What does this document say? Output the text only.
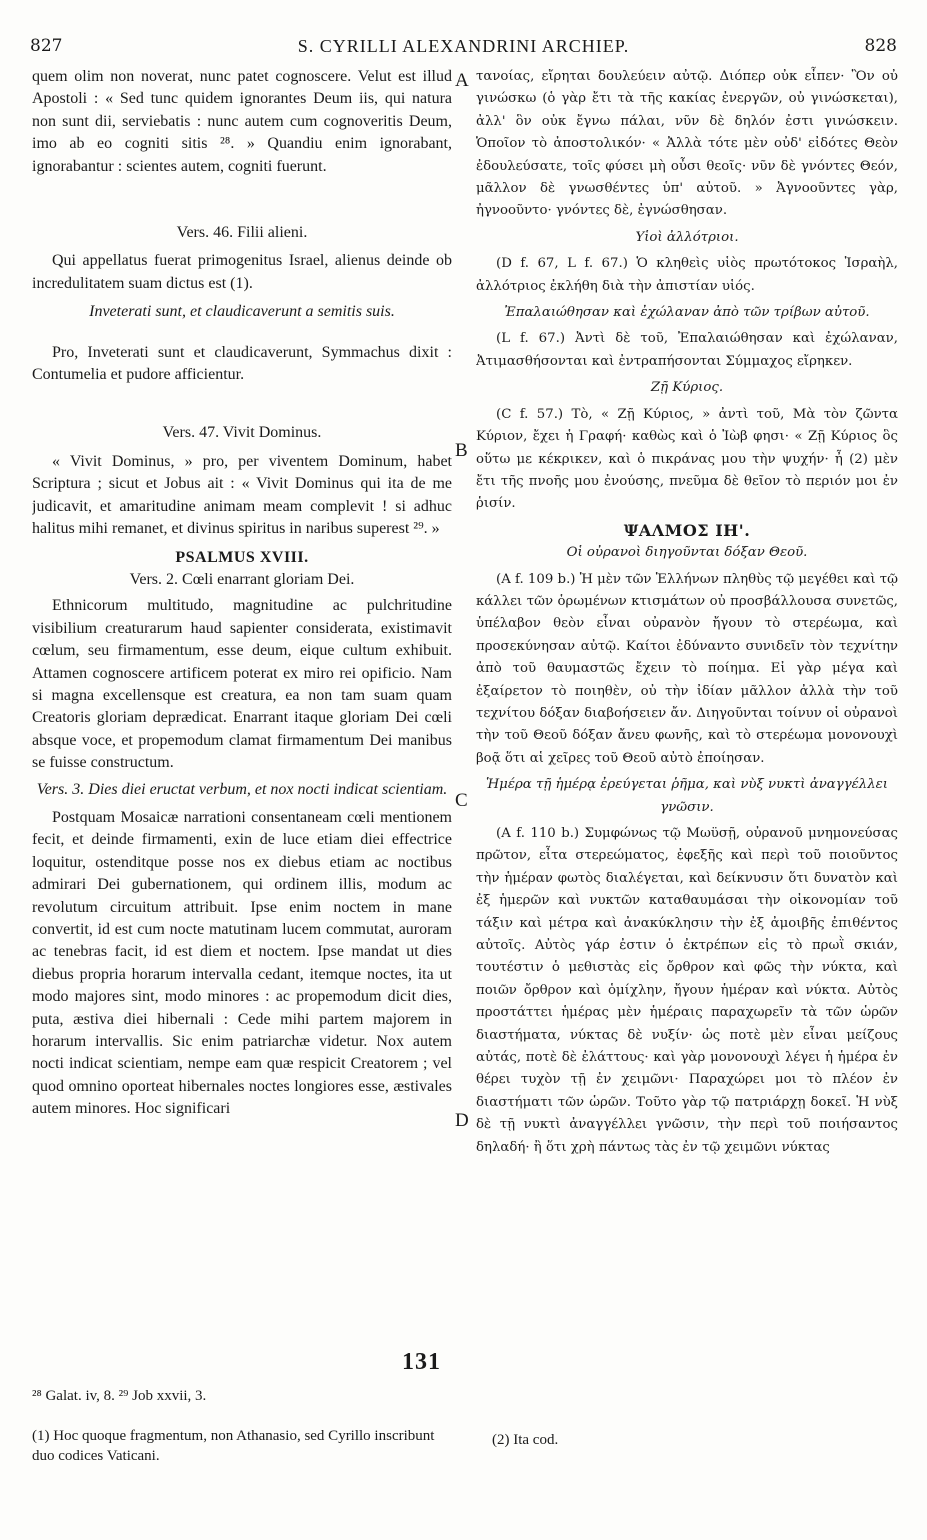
827	S. CYRILLI ALEXANDRINI ARCHIEP.	828

quem olim non noverat, nunc patet cognoscere. Velut est illud Apostoli : « Sed tunc quidem ignorantes Deum iis, qui natura non sunt dii, serviebatis : nunc autem cum cognoveritis Deum, imo ab eo cogniti sitis ²⁸. » Quandiu enim ignorabant, ignorabantur : scientes autem, cogniti fuerunt.

Vers. 46. Filii alieni.

Qui appellatus fuerat primogenitus Israel, alienus deinde ob incredulitatem suam dictus est (1).

Inveterati sunt, et claudicaverunt a semitis suis.

Pro, Inveterati sunt et claudicaverunt, Symmachus dixit : Contumelia et pudore afficientur.

Vers. 47. Vivit Dominus.

« Vivit Dominus, » pro, per viventem Dominum, habet Scriptura ; sicut et Jobus ait : « Vivit Dominus qui ita de me judicavit, et amaritudine animam meam complevit ! si adhuc halitus mihi remanet, et divinus spiritus in naribus superest ²⁹. »

PSALMUS XVIII.

Vers. 2. Cœli enarrant gloriam Dei.

Ethnicorum multitudo, magnitudine ac pulchritudine visibilium creaturarum haud sapienter considerata, existimavit cœlum, seu firmamentum, esse deum, eique cultum exhibuit. Attamen cognoscere artificem poterat ex miro rei opificio. Nam si magna excellensque est creatura, ea non tam suam quam Creatoris gloriam deprædicat. Enarrant itaque gloriam Dei cœli absque voce, et propemodum clamat firmamentum Dei manibus se fuisse constructum.

Vers. 3. Dies diei eructat verbum, et nox nocti indicat scientiam.

Postquam Mosaicæ narrationi consentaneam cœli mentionem fecit, et deinde firmamenti, exin de luce etiam diei effectrice loquitur, ostenditque posse nos ex diebus etiam ac noctibus admirari Dei gubernationem, qui ordinem illis, modum ac revolutum circuitum attribuit. Ipse enim noctem in mane convertit, id est cum nocte matutinam lucem commutat, auroram ac tenebras facit, id est diem et noctem. Ipse mandat ut dies diebus propria horarum intervalla cedant, itemque noctes, ita ut modo majores sint, modo minores : ac propemodum dicit dies, puta, æstiva diei hibernali : Cede mihi partem majorem in horarum intervallis. Sic enim patriarchæ videtur. Nox autem nocti indicat scientiam, nempe eam quæ respicit Creatorem ; vel quod omnino oporteat hibernales noctes longiores esse, æstivales autem minores. Hoc significari

131

τανοίας, εἴρηται δουλεύειν αὐτῷ. Διόπερ οὐκ εἶπεν· Ὃν οὐ γινώσκω (ὁ γὰρ ἔτι τὰ τῆς κακίας ἐνεργῶν, οὐ γινώσκεται), ἀλλ' ὃν οὐκ ἔγνω πάλαι, νῦν δὲ δηλόν ἐστι γινώσκειν. Ὁποῖον τὸ ἀποστολικόν· « Ἀλλὰ τότε μὲν οὐδ' εἰδότες Θεὸν ἐδουλεύσατε, τοῖς φύσει μὴ οὖσι θεοῖς· νῦν δὲ γνόντες Θεόν, μᾶλλον δὲ γνωσθέντες ὑπ' αὐτοῦ. » Ἀγνοοῦντες γὰρ, ἠγνοοῦντο· γνόντες δὲ, ἐγνώσθησαν.

Υἱοὶ ἀλλότριοι.

(D f. 67, L f. 67.) Ὁ κληθεὶς υἱὸς πρωτότοκος Ἰσραὴλ, ἀλλότριος ἐκλήθη διὰ τὴν ἀπιστίαν υἱός.

Ἐπαλαιώθησαν καὶ ἐχώλαναν ἀπὸ τῶν τρίβων αὐτοῦ.

(L f. 67.) Ἀντὶ δὲ τοῦ, Ἐπαλαιώθησαν καὶ ἐχώλαναν, Ἀτιμασθήσονται καὶ ἐντραπήσονται Σύμμαχος εἴρηκεν.

Ζῇ Κύριος.

(C f. 57.) Τὸ, « Ζῇ Κύριος, » ἀντὶ τοῦ, Μὰ τὸν ζῶντα Κύριον, ἔχει ἡ Γραφή· καθὼς καὶ ὁ Ἰὼβ φησι· « Ζῇ Κύριος ὃς οὕτω με κέκρικεν, καὶ ὁ πικράνας μου τὴν ψυχήν· ἦ (2) μὲν ἔτι τῆς πνοῆς μου ἐνούσης, πνεῦμα δὲ θεῖον τὸ περιόν μοι ἐν ῥισίν.

ΨΑΛΜΟΣ ΙΗ'.

Οἱ οὐρανοὶ διηγοῦνται δόξαν Θεοῦ.

(A f. 109 b.) Ἡ μὲν τῶν Ἑλλήνων πληθὺς τῷ μεγέθει καὶ τῷ κάλλει τῶν ὁρωμένων κτισμάτων οὐ προσβάλλουσα συνετῶς, ὑπέλαβον θεὸν εἶναι οὐρανὸν ἤγουν τὸ στερέωμα, καὶ προσεκύνησαν αὐτῷ. Καίτοι ἐδύναντο συνιδεῖν τὸν τεχνίτην ἀπὸ τοῦ θαυμαστῶς ἔχειν τὸ ποίημα. Εἰ γὰρ μέγα καὶ ἐξαίρετον τὸ ποιηθὲν, οὐ τὴν ἰδίαν μᾶλλον ἀλλὰ τὴν τοῦ τεχνίτου δόξαν διαβοήσειεν ἄν. Διηγοῦνται τοίνυν οἱ οὐρανοὶ τὴν τοῦ Θεοῦ δόξαν ἄνευ φωνῆς, καὶ τὸ στερέωμα μονονουχὶ βοᾷ ὅτι αἱ χεῖρες τοῦ Θεοῦ αὐτὸ ἐποίησαν.

Ἡμέρα τῇ ἡμέρᾳ ἐρεύγεται ῥῆμα, καὶ νὺξ νυκτὶ ἀναγγέλλει γνῶσιν.

(A f. 110 b.) Συμφώνως τῷ Μωϋσῇ, οὐρανοῦ μνημονεύσας πρῶτον, εἶτα στερεώματος, ἐφεξῆς καὶ περὶ τοῦ ποιοῦντος τὴν ἡμέραν φωτὸς διαλέγεται, καὶ δείκνυσιν ὅτι δυνατὸν καὶ ἐξ ἡμερῶν καὶ νυκτῶν καταθαυμάσαι τὴν οἰκονομίαν τοῦ τάξιν καὶ μέτρα καὶ ἀνακύκλησιν τὴν ἐξ ἀμοιβῆς ἐπιθέντος αὐτοῖς. Αὐτὸς γάρ ἐστιν ὁ ἐκτρέπων εἰς τὸ πρωῒ σκιάν, τουτέστιν ὁ μεθιστὰς εἰς ὄρθρον καὶ φῶς τὴν νύκτα, καὶ ποιῶν ὄρθρον καὶ ὁμίχλην, ἤγουν ἡμέραν καὶ νύκτα. Αὐτὸς προστάττει ἡμέρας μὲν ἡμέραις παραχωρεῖν τὰ τῶν ὡρῶν διαστήματα, νύκτας δὲ νυξίν· ὡς ποτὲ μὲν εἶναι μείζους αὐτάς, ποτὲ δὲ ἐλάττους· καὶ γὰρ μονονουχὶ λέγει ἡ ἡμέρα ἐν θέρει τυχὸν τῇ ἐν χειμῶνι· Παραχώρει μοι τὸ πλέον ἐν διαστήματι τῶν ὡρῶν. Τοῦτο γὰρ τῷ πατριάρχῃ δοκεῖ. Ἡ νὺξ δὲ τῇ νυκτὶ ἀναγγέλλει γνῶσιν, τὴν περὶ τοῦ ποιήσαντος δηλαδή· ἢ ὅτι χρὴ πάντως τὰς ἐν τῷ χειμῶνι νύκτας

A
B
C
D
²⁸ Galat. iv, 8. ²⁹ Job xxvii, 3.
(1) Hoc quoque fragmentum, non Athanasio, sed Cyrillo inscribunt duo codices Vaticani.
(2) Ita cod.
